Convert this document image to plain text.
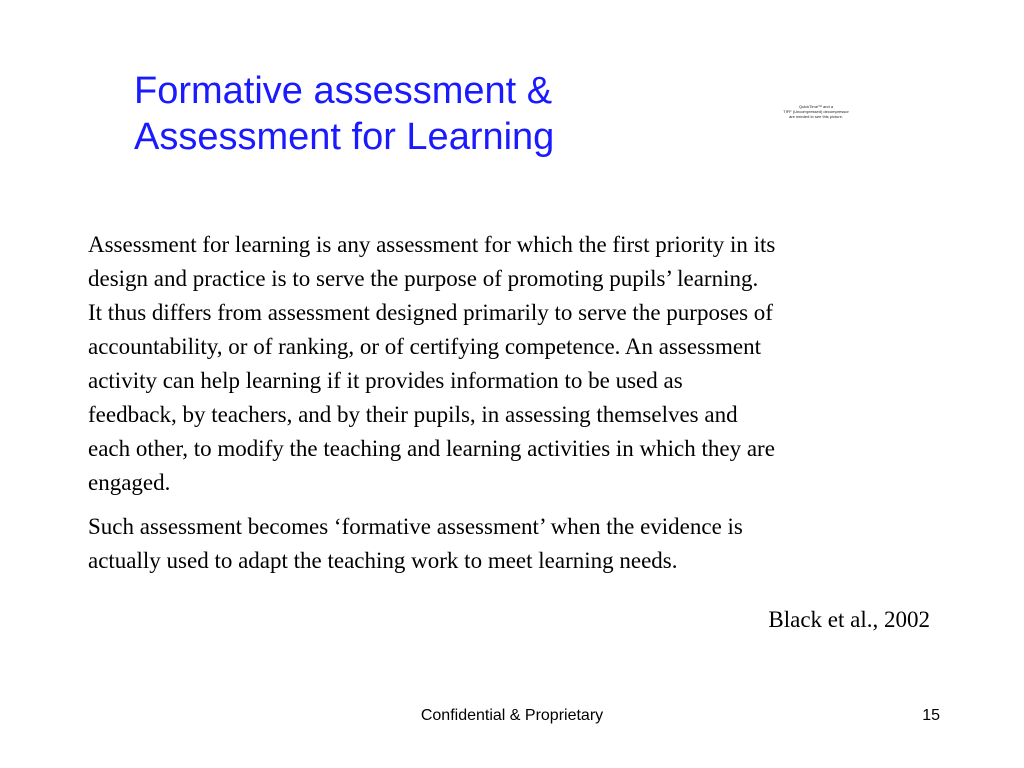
Formative assessment &
Assessment for Learning
QuickTime™ and a
TIFF (Uncompressed) decompressor
are needed to see this picture.

Assessment for learning is any assessment for which the first priority in its
design and practice is to serve the purpose of promoting pupils’ learning.
It thus differs from assessment designed primarily to serve the purposes of
accountability, or of ranking, or of certifying competence. An assessment
activity can help learning if it provides information to be used as
feedback, by teachers, and by their pupils, in assessing themselves and
each other, to modify the teaching and learning activities in which they are
engaged.

Such assessment becomes ‘formative assessment’ when the evidence is
actually used to adapt the teaching work to meet learning needs.

Black et al., 2002
Confidential & Proprietary	15
